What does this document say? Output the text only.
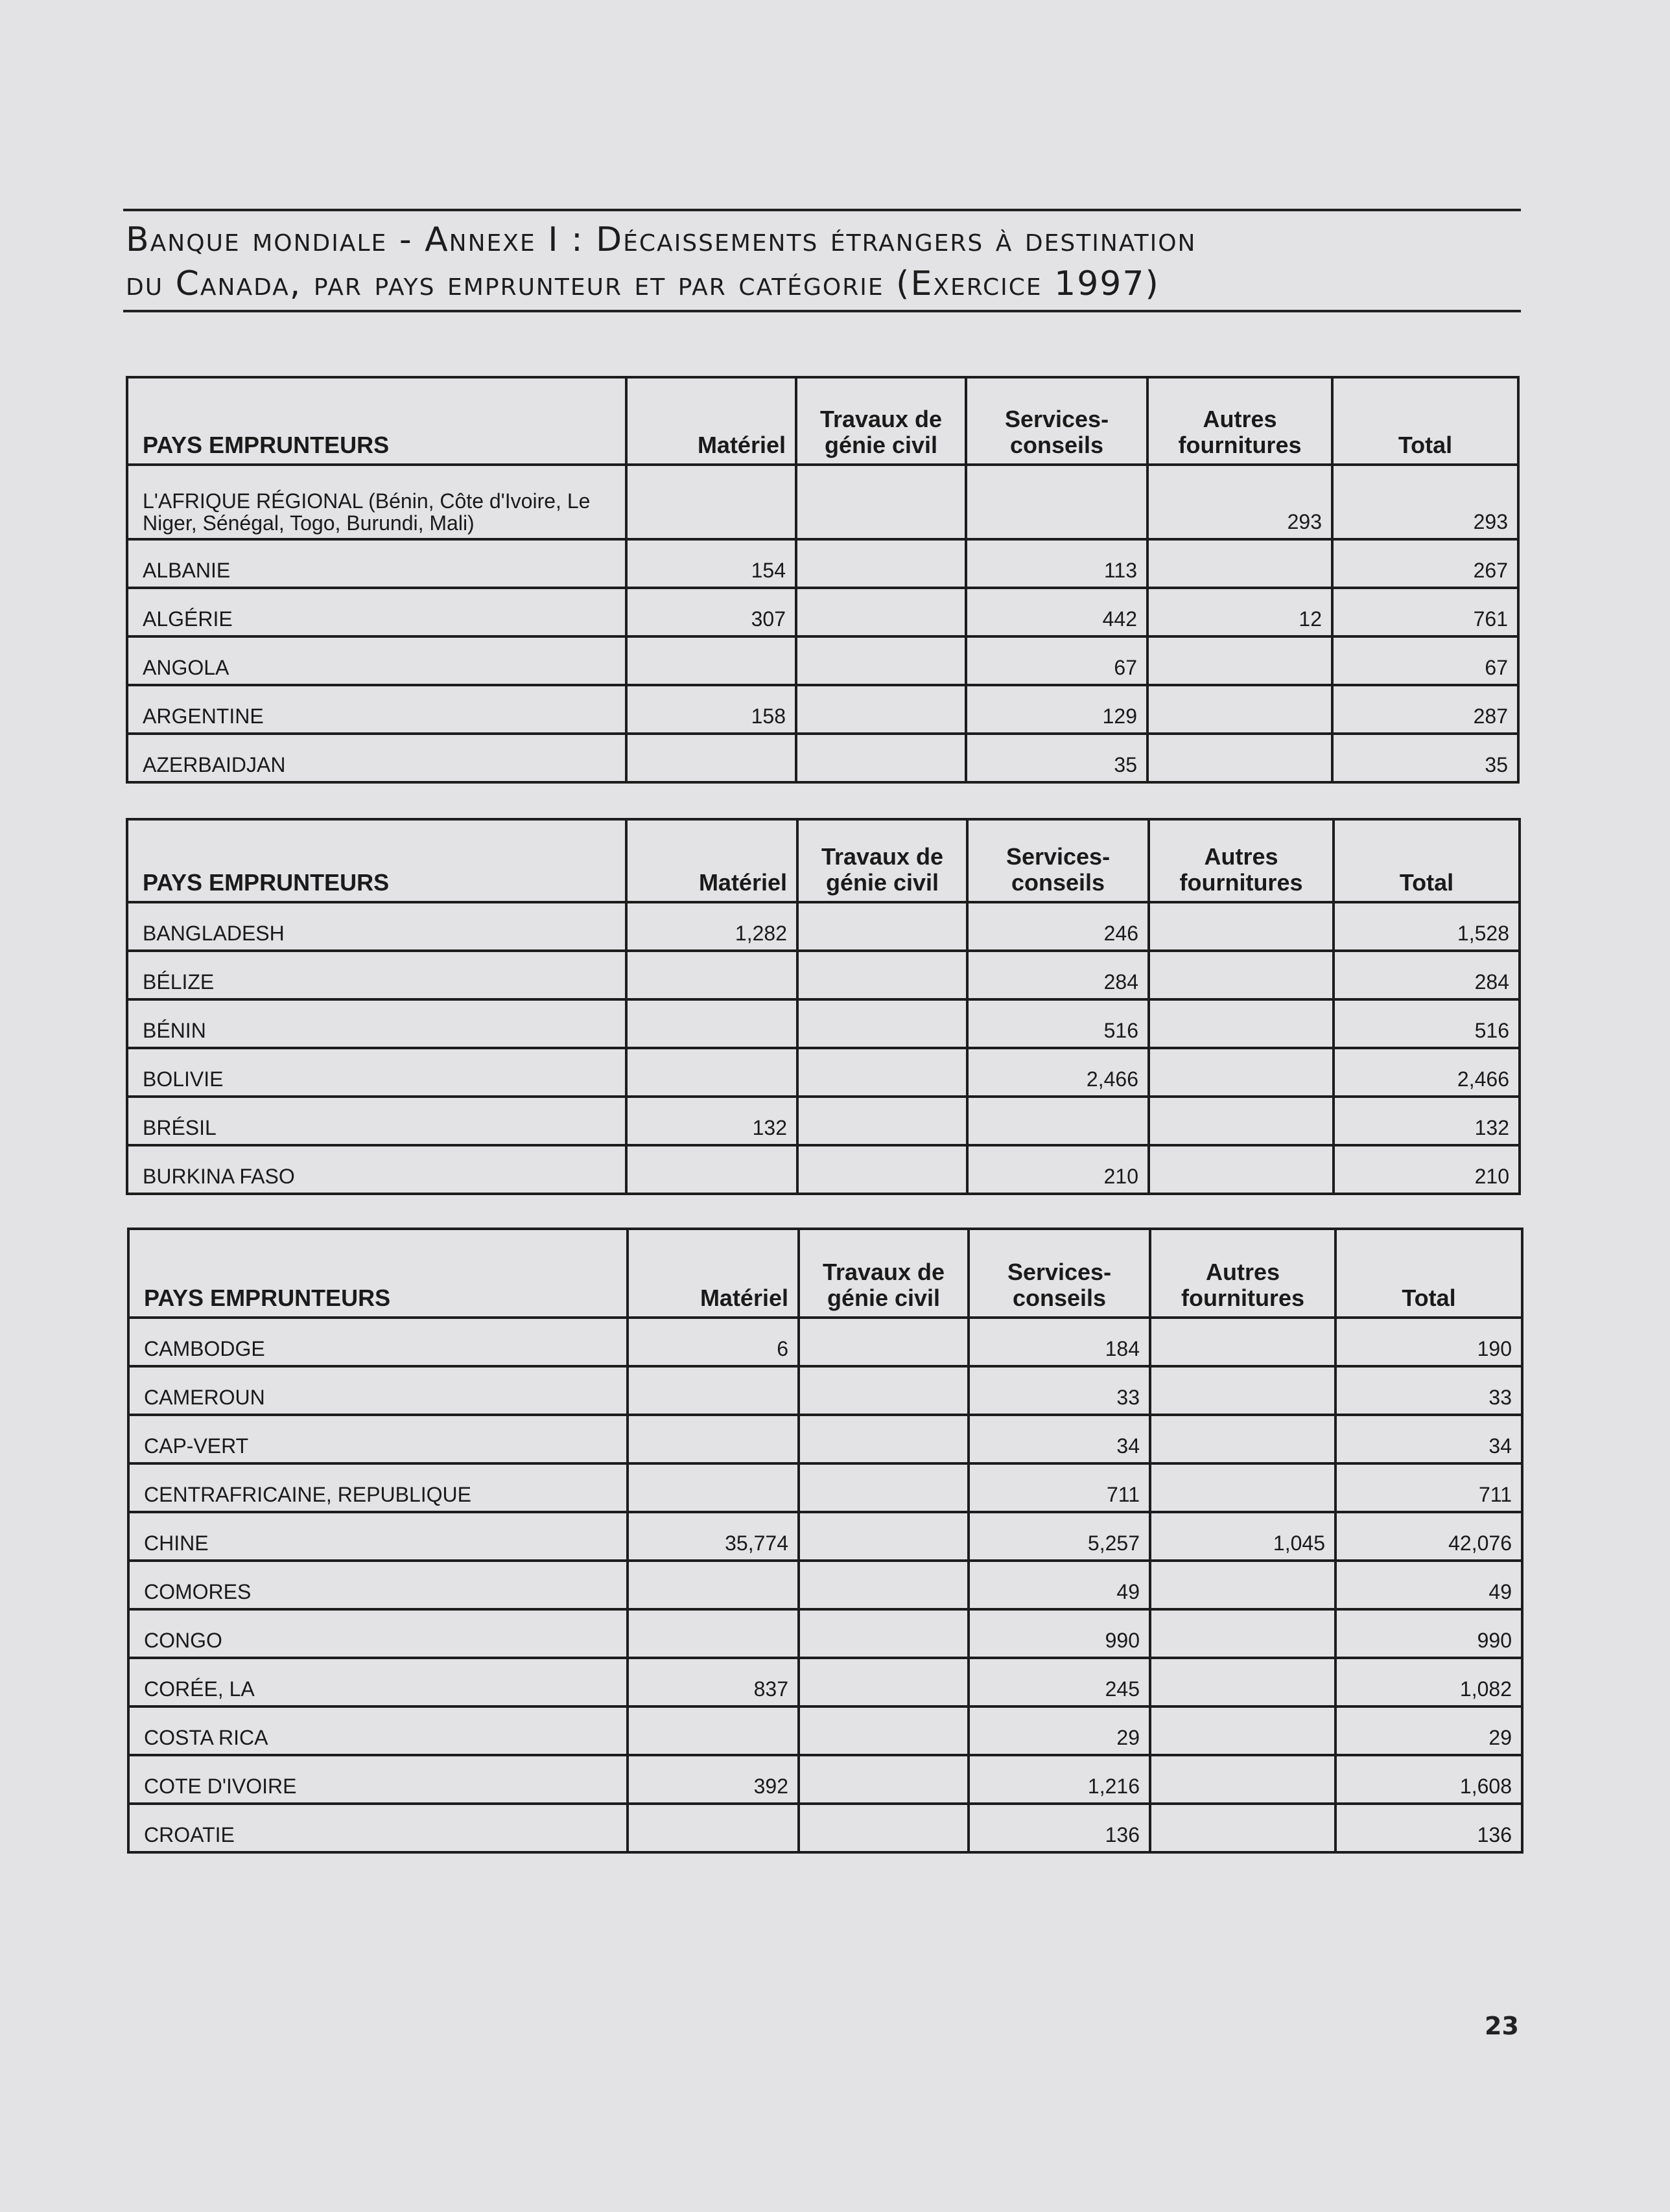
Banque mondiale - Annexe I : Décaissements étrangers à destination
du Canada, par pays emprunteur et par catégorie (Exercice 1997)
PAYS EMPRUNTEURS	Matériel	Travaux de génie civil	Services-conseils	Autres fournitures	Total
L'AFRIQUE RÉGIONAL (Bénin, Côte d'Ivoire, Le Niger, Sénégal, Togo, Burundi, Mali)				293	293
ALBANIE	154		113		267
ALGÉRIE	307		442	12	761
ANGOLA			67		67
ARGENTINE	158		129		287
AZERBAIDJAN			35		35
PAYS EMPRUNTEURS	Matériel	Travaux de génie civil	Services-conseils	Autres fournitures	Total
BANGLADESH	1,282		246		1,528
BÉLIZE			284		284
BÉNIN			516		516
BOLIVIE			2,466		2,466
BRÉSIL	132				132
BURKINA FASO			210		210
PAYS EMPRUNTEURS	Matériel	Travaux de génie civil	Services-conseils	Autres fournitures	Total
CAMBODGE	6		184		190
CAMEROUN			33		33
CAP-VERT			34		34
CENTRAFRICAINE, REPUBLIQUE			711		711
CHINE	35,774		5,257	1,045	42,076
COMORES			49		49
CONGO			990		990
CORÉE, LA	837		245		1,082
COSTA RICA			29		29
COTE D'IVOIRE	392		1,216		1,608
CROATIE			136		136
23
